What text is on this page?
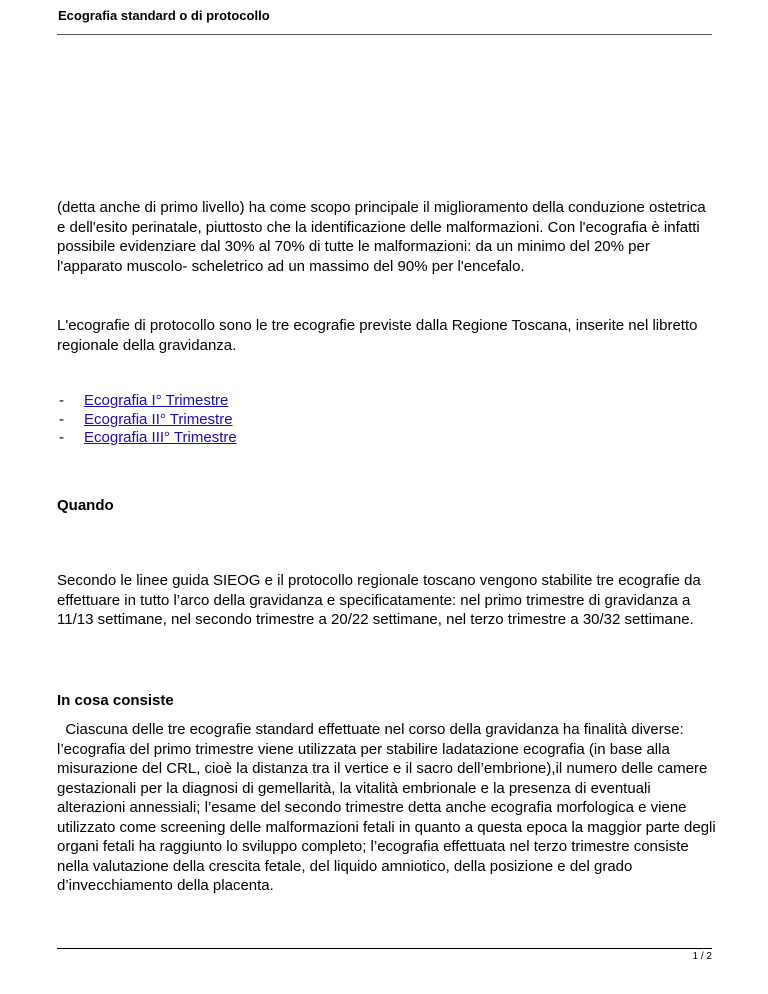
Ecografia standard o di protocollo

(detta anche di primo livello) ha come scopo principale il miglioramento della conduzione ostetrica e dell'esito perinatale, piuttosto che la identificazione delle malformazioni. Con l'ecografia è infatti possibile evidenziare dal 30% al 70% di tutte le malformazioni: da un minimo del 20% per l'apparato muscolo- scheletrico ad un massimo del 90% per l'encefalo.

L'ecografie di protocollo sono le tre ecografie previste dalla Regione Toscana, inserite nel libretto regionale della gravidanza.

- Ecografia I° Trimestre
- Ecografia II° Trimestre
- Ecografia III° Trimestre
Quando

Secondo le linee guida SIEOG e il protocollo regionale toscano vengono stabilite tre ecografie da effettuare in tutto l’arco della gravidanza e specificatamente: nel primo trimestre di gravidanza a 11/13 settimane, nel secondo trimestre a 20/22 settimane, nel terzo trimestre a 30/32 settimane.

In cosa consiste

Ciascuna delle tre ecografie standard effettuate nel corso della gravidanza ha finalità diverse: l’ecografia del primo trimestre viene utilizzata per stabilire ladatazione ecografia (in base alla misurazione del CRL, cioè la distanza tra il vertice e il sacro dell’embrione),il numero delle camere gestazionali per la diagnosi di gemellarità, la vitalità embrionale e la presenza di eventuali alterazioni annessiali; l’esame del secondo trimestre detta anche ecografia morfologica e viene utilizzato come screening delle malformazioni fetali in quanto a questa epoca la maggior parte degli organi fetali ha raggiunto lo sviluppo completo; l’ecografia effettuata nel terzo trimestre consiste nella valutazione della crescita fetale, del liquido amniotico, della posizione e del grado d’invecchiamento della placenta.

1 / 2
